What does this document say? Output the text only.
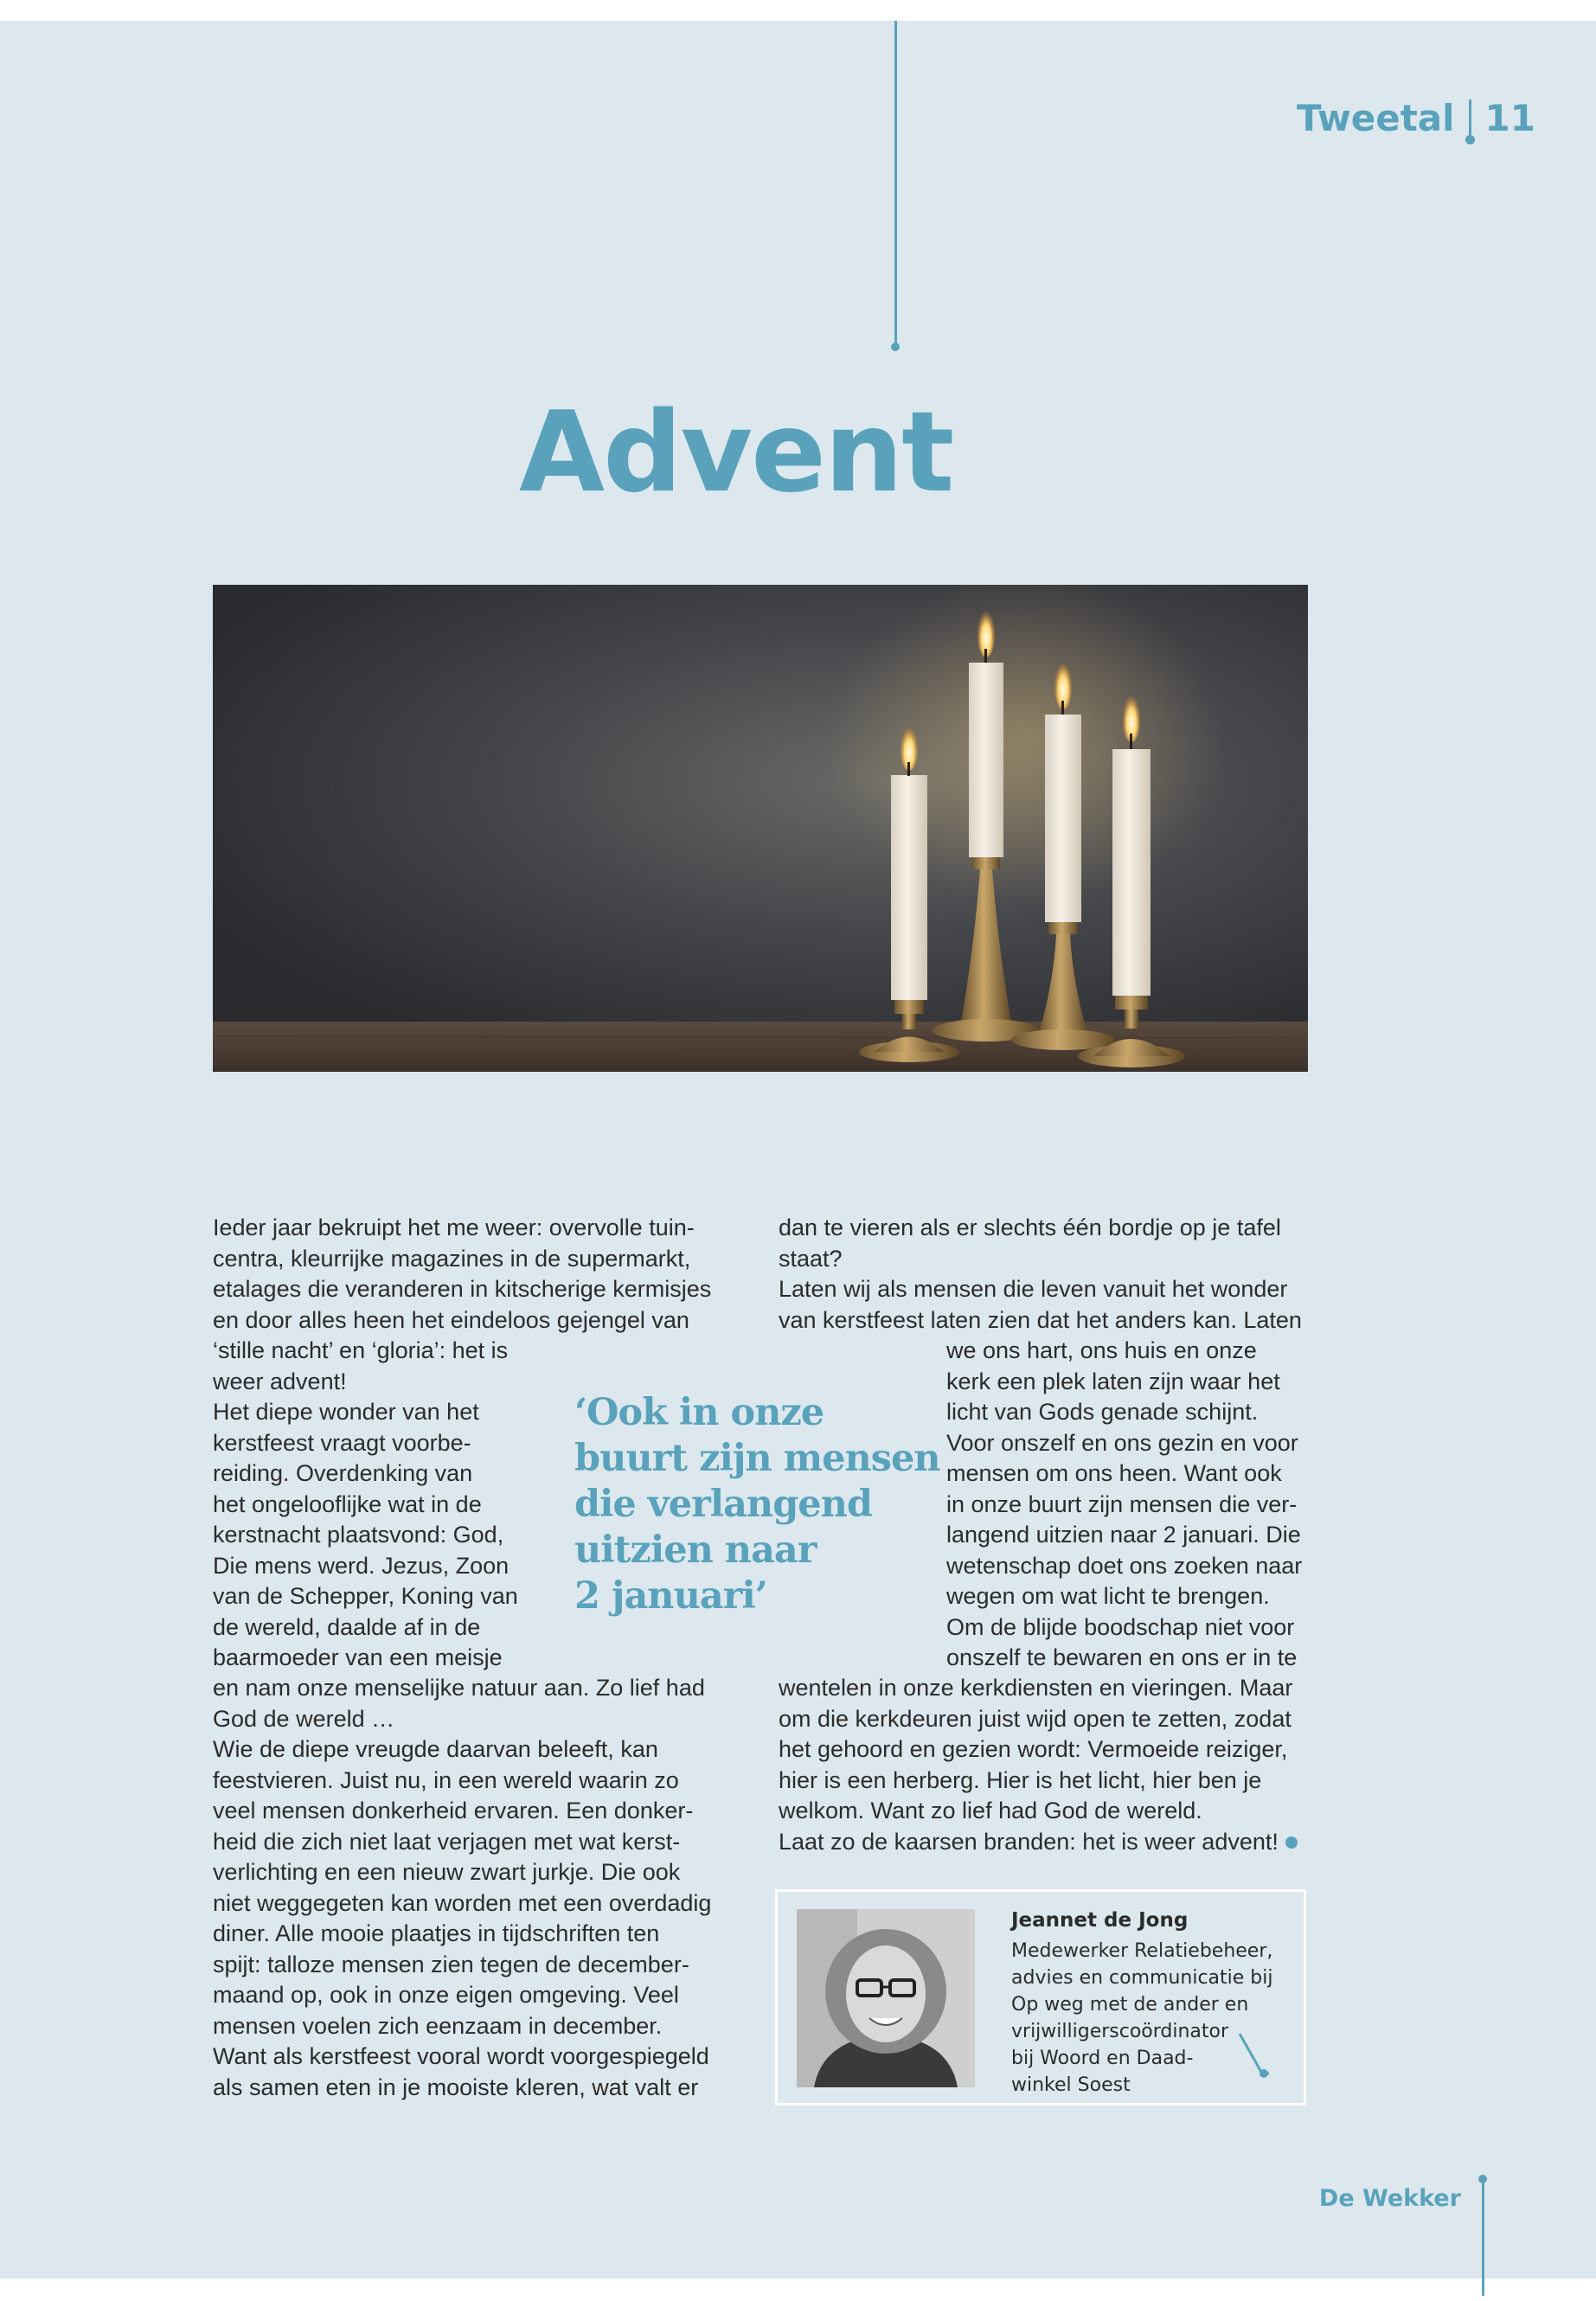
Tweetal 11
Advent

Ieder jaar bekruipt het me weer: overvolle tuin-
centra, kleurrijke magazines in de supermarkt,
etalages die veranderen in kitscherige kermisjes
en door alles heen het eindeloos gejengel van
‘stille nacht’ en ‘gloria’: het is
weer advent!

Het diepe wonder van het
kerstfeest vraagt voorbe-
reiding. Overdenking van
het ongelooflijke wat in de
kerstnacht plaatsvond: God,
Die mens werd. Jezus, Zoon
van de Schepper, Koning van
de wereld, daalde af in de
baarmoeder van een meisje

en nam onze menselijke natuur aan. Zo lief had
God de wereld …
Wie de diepe vreugde daarvan beleeft, kan
feestvieren. Juist nu, in een wereld waarin zo
veel mensen donkerheid ervaren. Een donker-
heid die zich niet laat verjagen met wat kerst-
verlichting en een nieuw zwart jurkje. Die ook
niet weggegeten kan worden met een overdadig
diner. Alle mooie plaatjes in tijdschriften ten
spijt: talloze mensen zien tegen de december-
maand op, ook in onze eigen omgeving. Veel
mensen voelen zich eenzaam in december.
Want als kerstfeest vooral wordt voorgespiegeld
als samen eten in je mooiste kleren, wat valt er

‘Ook in onze
buurt zijn mensen
die verlangend
uitzien naar
2 januari’

dan te vieren als er slechts één bordje op je tafel
staat?
Laten wij als mensen die leven vanuit het wonder
van kerstfeest laten zien dat het anders kan. Laten

we ons hart, ons huis en onze
kerk een plek laten zijn waar het
licht van Gods genade schijnt.
Voor onszelf en ons gezin en voor
mensen om ons heen. Want ook
in onze buurt zijn mensen die ver-
langend uitzien naar 2 januari. Die
wetenschap doet ons zoeken naar
wegen om wat licht te brengen.
Om de blijde boodschap niet voor
onszelf te bewaren en ons er in te

wentelen in onze kerkdiensten en vieringen. Maar
om die kerkdeuren juist wijd open te zetten, zodat
het gehoord en gezien wordt: Vermoeide reiziger,
hier is een herberg. Hier is het licht, hier ben je
welkom. Want zo lief had God de wereld.
Laat zo de kaarsen branden: het is weer advent!
Jeannet de Jong

Medewerker Relatiebeheer,
advies en communicatie bij
Op weg met de ander en
vrijwilligerscoördinator
bij Woord en Daad-
winkel Soest

De Wekker
